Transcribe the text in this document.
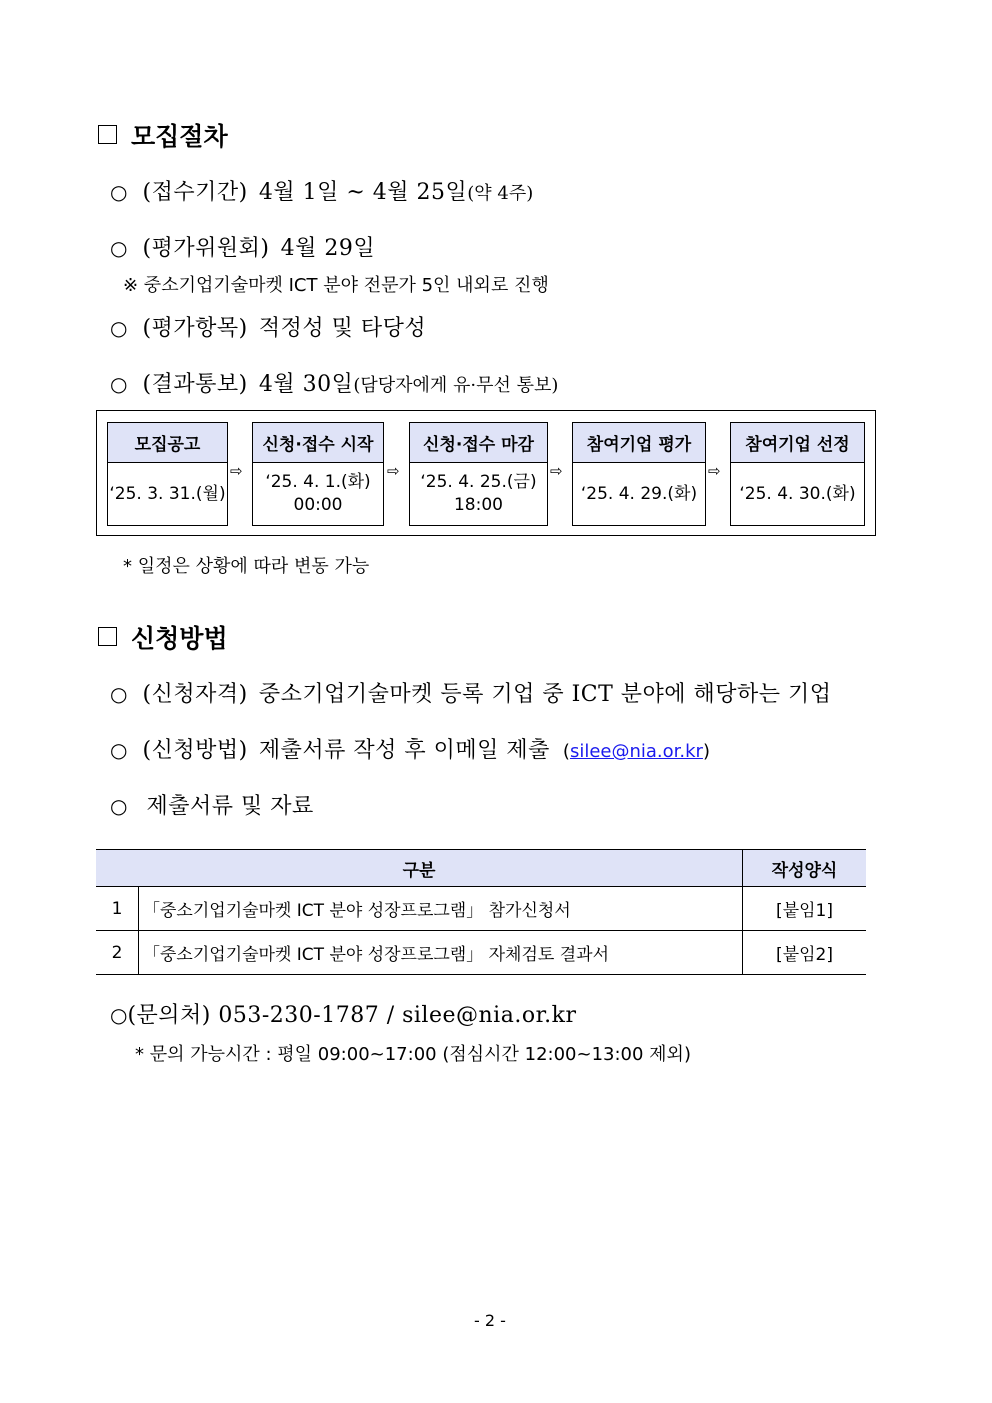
모집절차
○ (접수기간) 4월 1일 ~ 4월 25일(약 4주)
○ (평가위원회) 4월 29일
※ 중소기업기술마켓 ICT 분야 전문가 5인 내외로 진행
○ (평가항목) 적정성 및 타당성
○ (결과통보) 4월 30일(담당자에게 유·무선 통보)
모집공고
‘25. 3. 31.(월)
⇨
신청·접수 시작
‘25. 4. 1.(화)
00:00
⇨
신청·접수 마감
‘25. 4. 25.(금)
18:00
⇨
참여기업 평가
‘25. 4. 29.(화)
⇨
참여기업 선정
‘25. 4. 30.(화)
* 일정은 상황에 따라 변동 가능
신청방법
○ (신청자격) 중소기업기술마켓 등록 기업 중 ICT 분야에 해당하는 기업
○ (신청방법) 제출서류 작성 후 이메일 제출 (silee@nia.or.kr)
○ 제출서류 및 자료
구분		작성양식
1	「중소기업기술마켓 ICT 분야 성장프로그램」 참가신청서	[붙임1]
2	「중소기업기술마켓 ICT 분야 성장프로그램」 자체검토 결과서	[붙임2]
○(문의처) 053-230-1787 / silee@nia.or.kr
* 문의 가능시간 : 평일 09:00~17:00 (점심시간 12:00~13:00 제외)
- 2 -
